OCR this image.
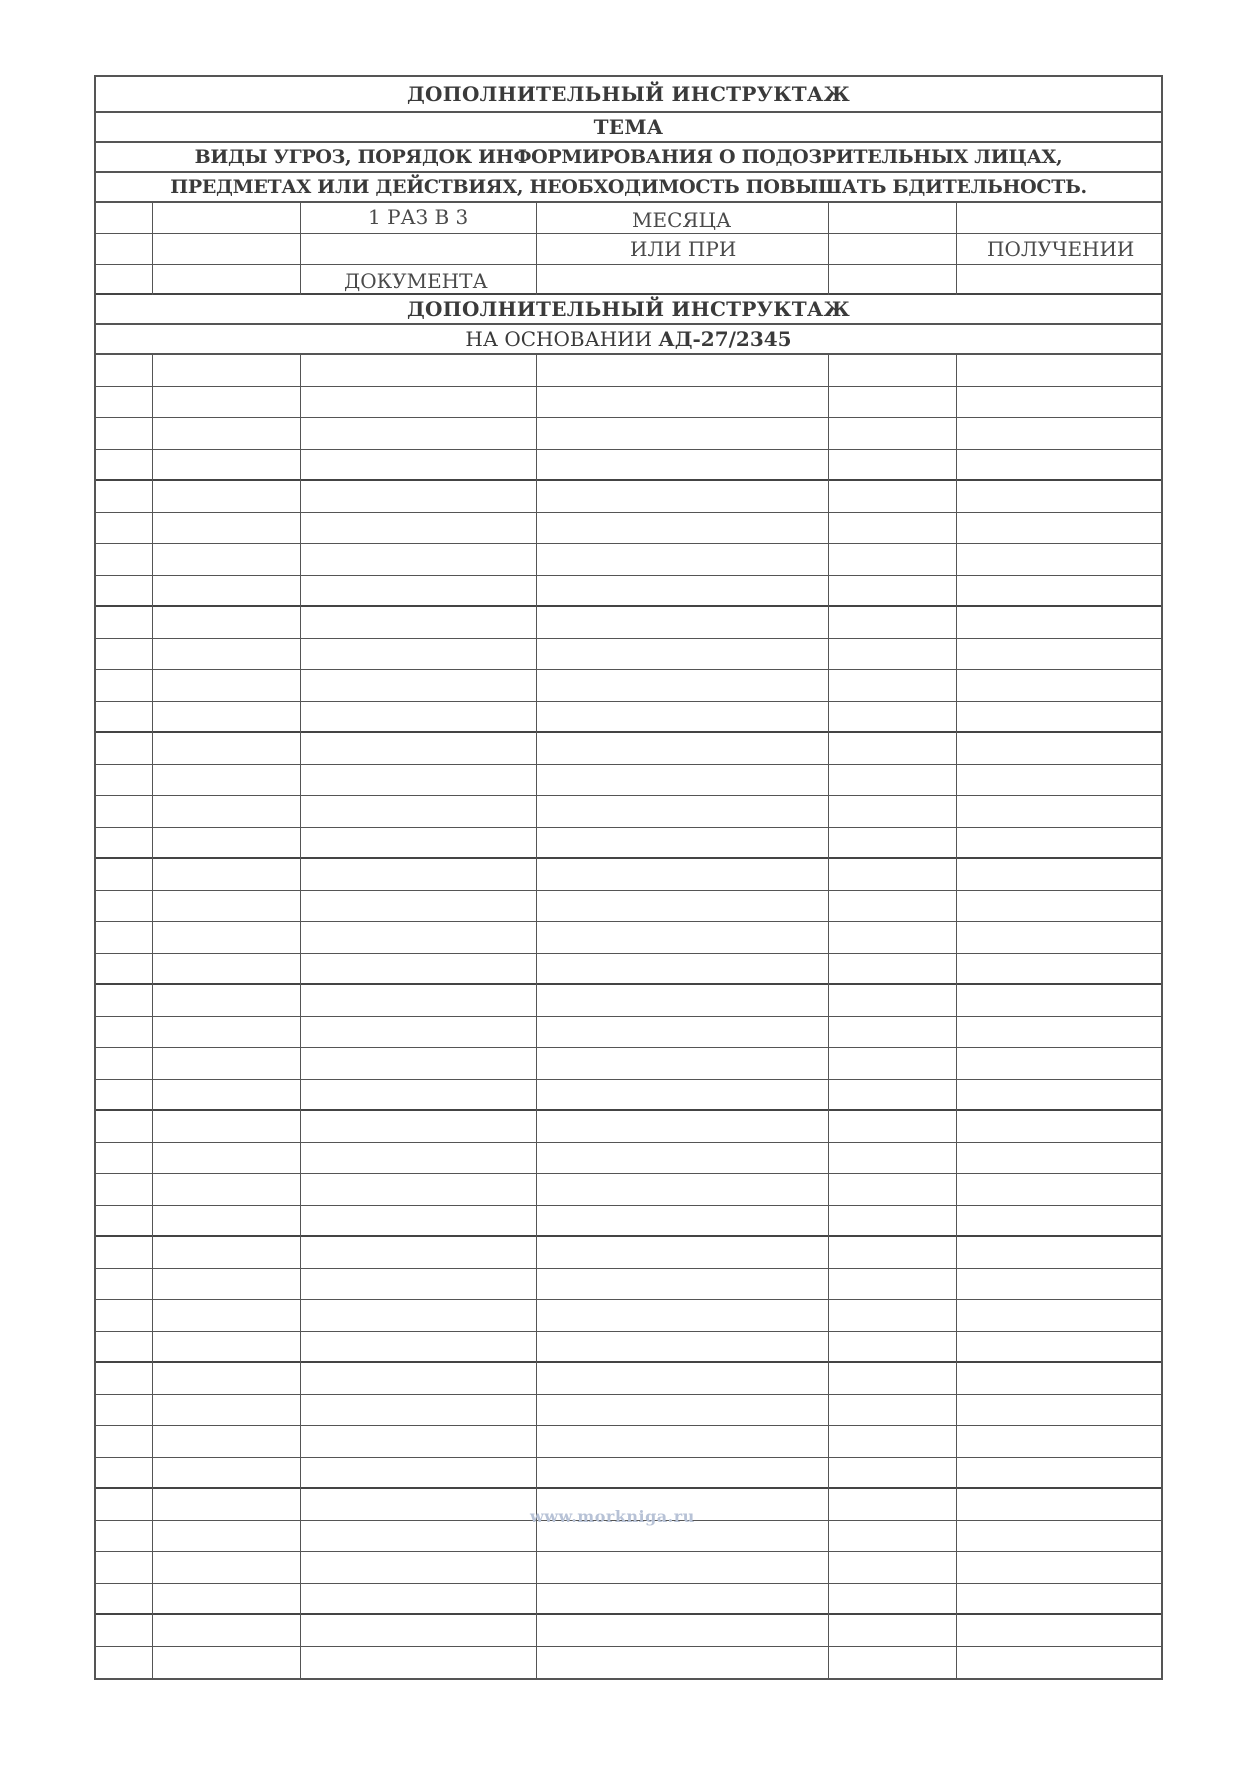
ДОПОЛНИТЕЛЬНЫЙ ИНСТРУКТАЖ
ТЕМА
ВИДЫ УГРОЗ, ПОРЯДОК ИНФОРМИРОВАНИЯ О ПОДОЗРИТЕЛЬНЫХ ЛИЦАХ,
ПРЕДМЕТАХ ИЛИ ДЕЙСТВИЯХ, НЕОБХОДИМОСТЬ ПОВЫШАТЬ БДИТЕЛЬНОСТЬ.
1 РАЗ В 3	МЕСЯЦА
ИЛИ ПРИ	ПОЛУЧЕНИИ
ДОКУМЕНТА
ДОПОЛНИТЕЛЬНЫЙ ИНСТРУКТАЖ
НА ОСНОВАНИИ
АД-27/2345
www.morkniga.ru
